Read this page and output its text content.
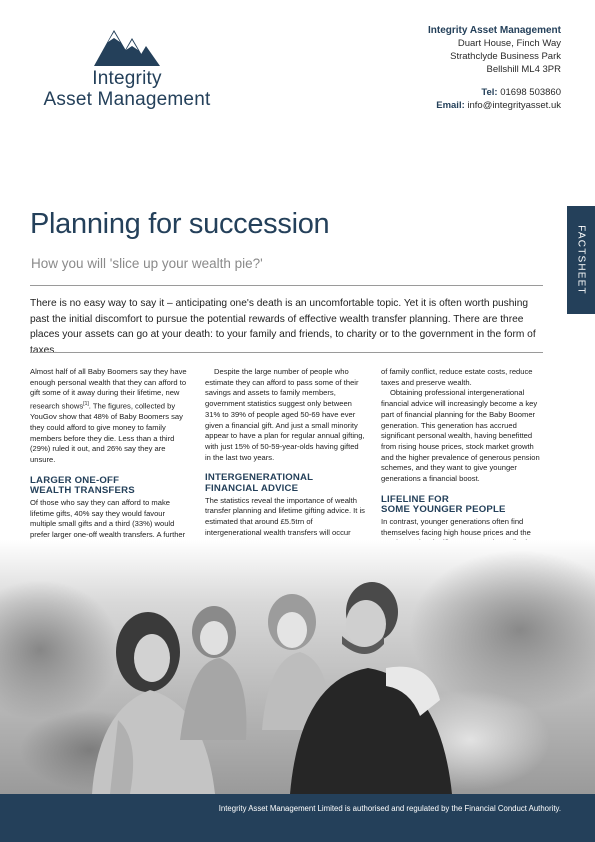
Integrity
Asset Management
Integrity Asset Management
Duart House, Finch Way
Strathclyde Business Park
Bellshill ML4 3PR
Tel: 01698 503860
Email: info@integrityasset.uk
FACTSHEET
Planning for succession
How you will 'slice up your wealth pie?'
There is no easy way to say it – anticipating one's death is an uncomfortable topic. Yet it is often worth pushing past the initial discomfort to pursue the potential rewards of effective wealth transfer planning. There are three places your assets can go at your death: to your family and friends, to charity or to the government in the form of taxes.

Almost half of all Baby Boomers say they have enough personal wealth that they can afford to gift some of it away during their lifetime, new research shows[1]. The figures, collected by YouGov show that 48% of Baby Boomers say they could afford to give money to family members before they die. Less than a third (29%) ruled it out, and 26% say they are unsure.

LARGER ONE-OFF
WEALTH TRANSFERS

Of those who say they can afford to make lifetime gifts, 40% say they would favour multiple small gifts and a third (33%) would prefer larger one-off wealth transfers. A further

Despite the large number of people who estimate they can afford to pass some of their savings and assets to family members, government statistics suggest only between 31% to 39% of people aged 50-69 have ever given a financial gift. And just a small minority appear to have a plan for regular annual gifting, with just 15% of 50-59-year-olds having gifted in the last two years.

INTERGENERATIONAL
FINANCIAL ADVICE

The statistics reveal the importance of wealth transfer planning and lifetime gifting advice. It is estimated that around £5.5trn of intergenerational wealth transfers will occur

of family conflict, reduce estate costs, reduce taxes and preserve wealth.

Obtaining professional intergenerational financial advice will increasingly become a key part of financial planning for the Baby Boomer generation. This generation has accrued significant personal wealth, having benefitted from rising house prices, stock market growth and the higher prevalence of generous pension schemes, and they want to give younger generations a financial boost.

LIFELINE FOR
SOME YOUNGER PEOPLE

In contrast, younger generations often find themselves facing high house prices and the

Integrity Asset Management Limited is authorised and regulated by the Financial Conduct Authority.
